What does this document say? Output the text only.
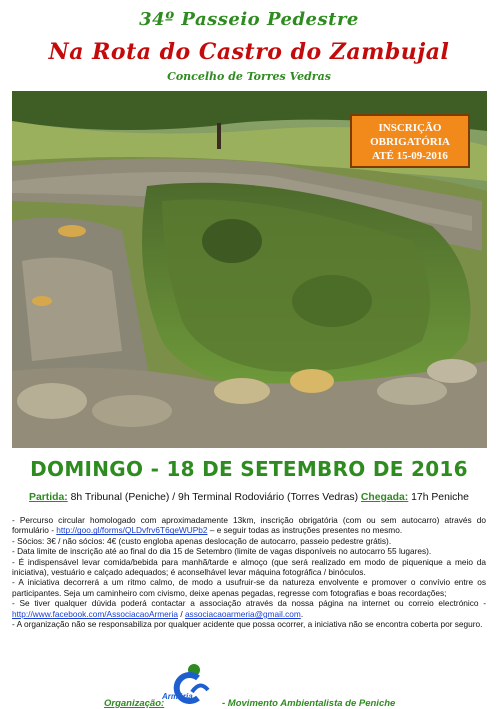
34º Passeio Pedestre
Na Rota do Castro do Zambujal
Concelho de Torres Vedras
INSCRIÇÃO
OBRIGATÓRIA
ATÉ 15-09-2016
DOMINGO - 18 DE SETEMBRO DE 2016
Partida: 8h Tribunal (Peniche) / 9h Terminal Rodoviário (Torres Vedras) Chegada: 17h Peniche

- Percurso circular homologado com aproximadamente 13km, inscrição obrigatória (com ou sem autocarro) através do formulário - http://goo.gl/forms/QLDvfrv6T6qeWUPb2 – e seguir todas as instruções presentes no mesmo.

- Sócios: 3€ / não sócios: 4€ (custo engloba apenas deslocação de autocarro, passeio pedestre grátis).

- Data limite de inscrição até ao final do dia 15 de Setembro (limite de vagas disponíveis no autocarro 55 lugares).

- É indispensável levar comida/bebida para manhã/tarde e almoço (que será realizado em modo de piquenique a meio da iniciativa), vestuário e calçado adequados; é aconselhável levar máquina fotográfica / binóculos.

- A iniciativa decorrerá a um ritmo calmo, de modo a usufruir-se da natureza envolvente e promover o convívio entre os participantes. Seja um caminheiro com civismo, deixe apenas pegadas, regresse com fotografias e boas recordações;

- Se tiver qualquer dúvida poderá contactar a associação através da nossa página na internet ou correio electrónico - http://www.facebook.com/AssociacaoArmeria / associacaoarmeria@gmail.com.

- A organização não se responsabiliza por qualquer acidente que possa ocorrer, a iniciativa não se encontra coberta por seguro.

Organização:
Armória
- Movimento Ambientalista de Peniche
